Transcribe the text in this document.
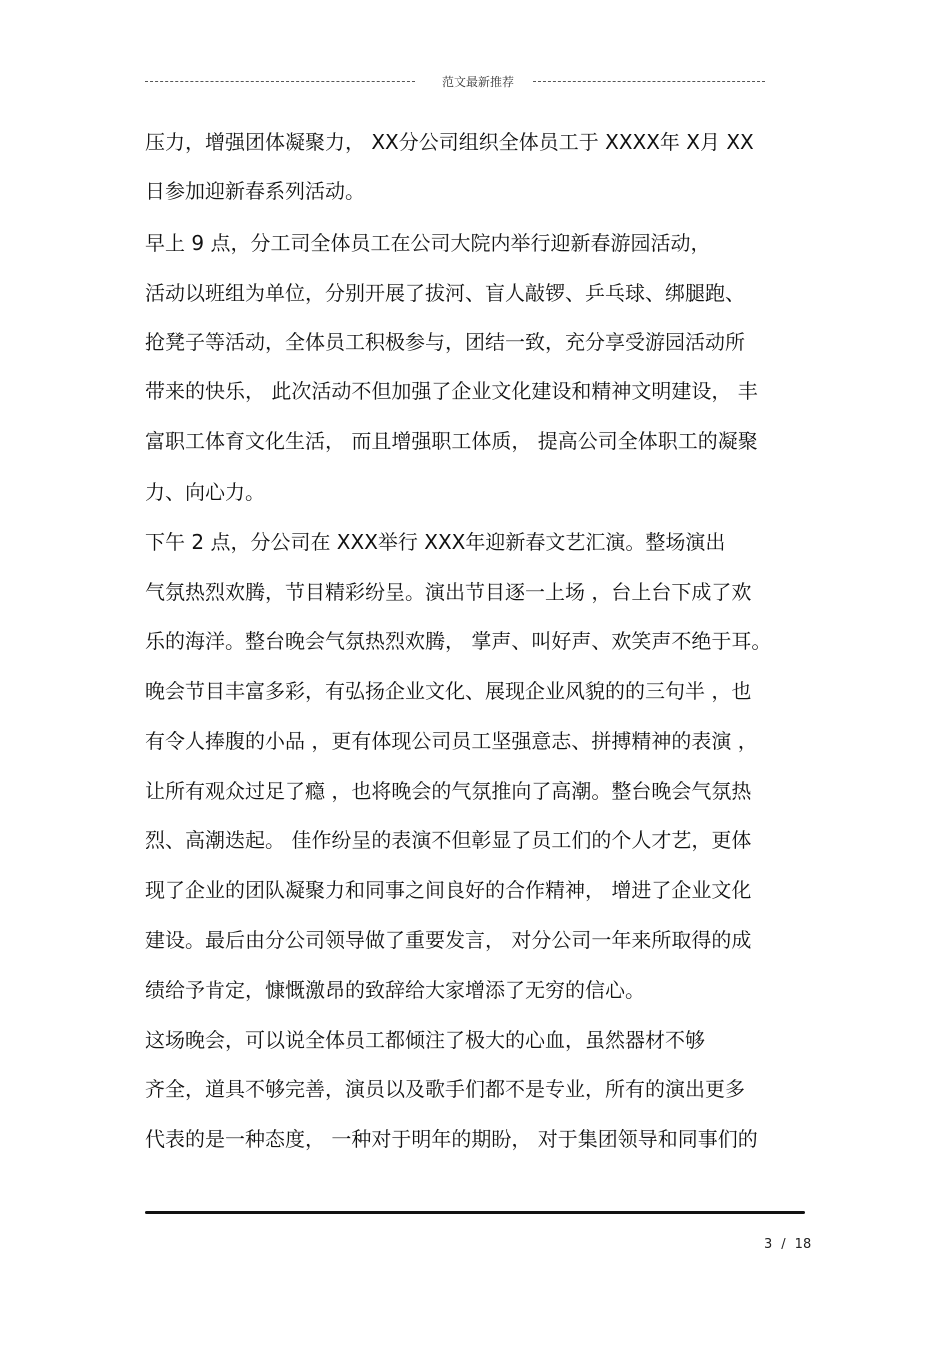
范文最新推荐
压力，增强团体凝聚力， XX分公司组织全体员工于 XXXX年 X月 XX
日参加迎新春系列活动。
早上 9 点，分工司全体员工在公司大院内举行迎新春游园活动，
活动以班组为单位，分别开展了拔河、盲人敲锣、乒乓球、绑腿跑、
抢凳子等活动，全体员工积极参与，团结一致，充分享受游园活动所
带来的快乐， 此次活动不但加强了企业文化建设和精神文明建设， 丰
富职工体育文化生活， 而且增强职工体质， 提高公司全体职工的凝聚
力、向心力。
下午 2 点，分公司在 XXX举行 XXX年迎新春文艺汇演。整场演出
气氛热烈欢腾，节目精彩纷呈。演出节目逐一上场 ，台上台下成了欢
乐的海洋。整台晚会气氛热烈欢腾， 掌声、叫好声、欢笑声不绝于耳。
晚会节目丰富多彩，有弘扬企业文化、展现企业风貌的的三句半 ，也
有令人捧腹的小品 ，更有体现公司员工坚强意志、拼搏精神的表演 ，
让所有观众过足了瘾 ，也将晚会的气氛推向了高潮。整台晚会气氛热
烈、高潮迭起。 佳作纷呈的表演不但彰显了员工们的个人才艺，更体
现了企业的团队凝聚力和同事之间良好的合作精神， 增进了企业文化
建设。最后由分公司领导做了重要发言， 对分公司一年来所取得的成
绩给予肯定，慷慨激昂的致辞给大家增添了无穷的信心。
这场晚会，可以说全体员工都倾注了极大的心血，虽然器材不够
齐全，道具不够完善，演员以及歌手们都不是专业，所有的演出更多
代表的是一种态度， 一种对于明年的期盼， 对于集团领导和同事们的
3 / 18
